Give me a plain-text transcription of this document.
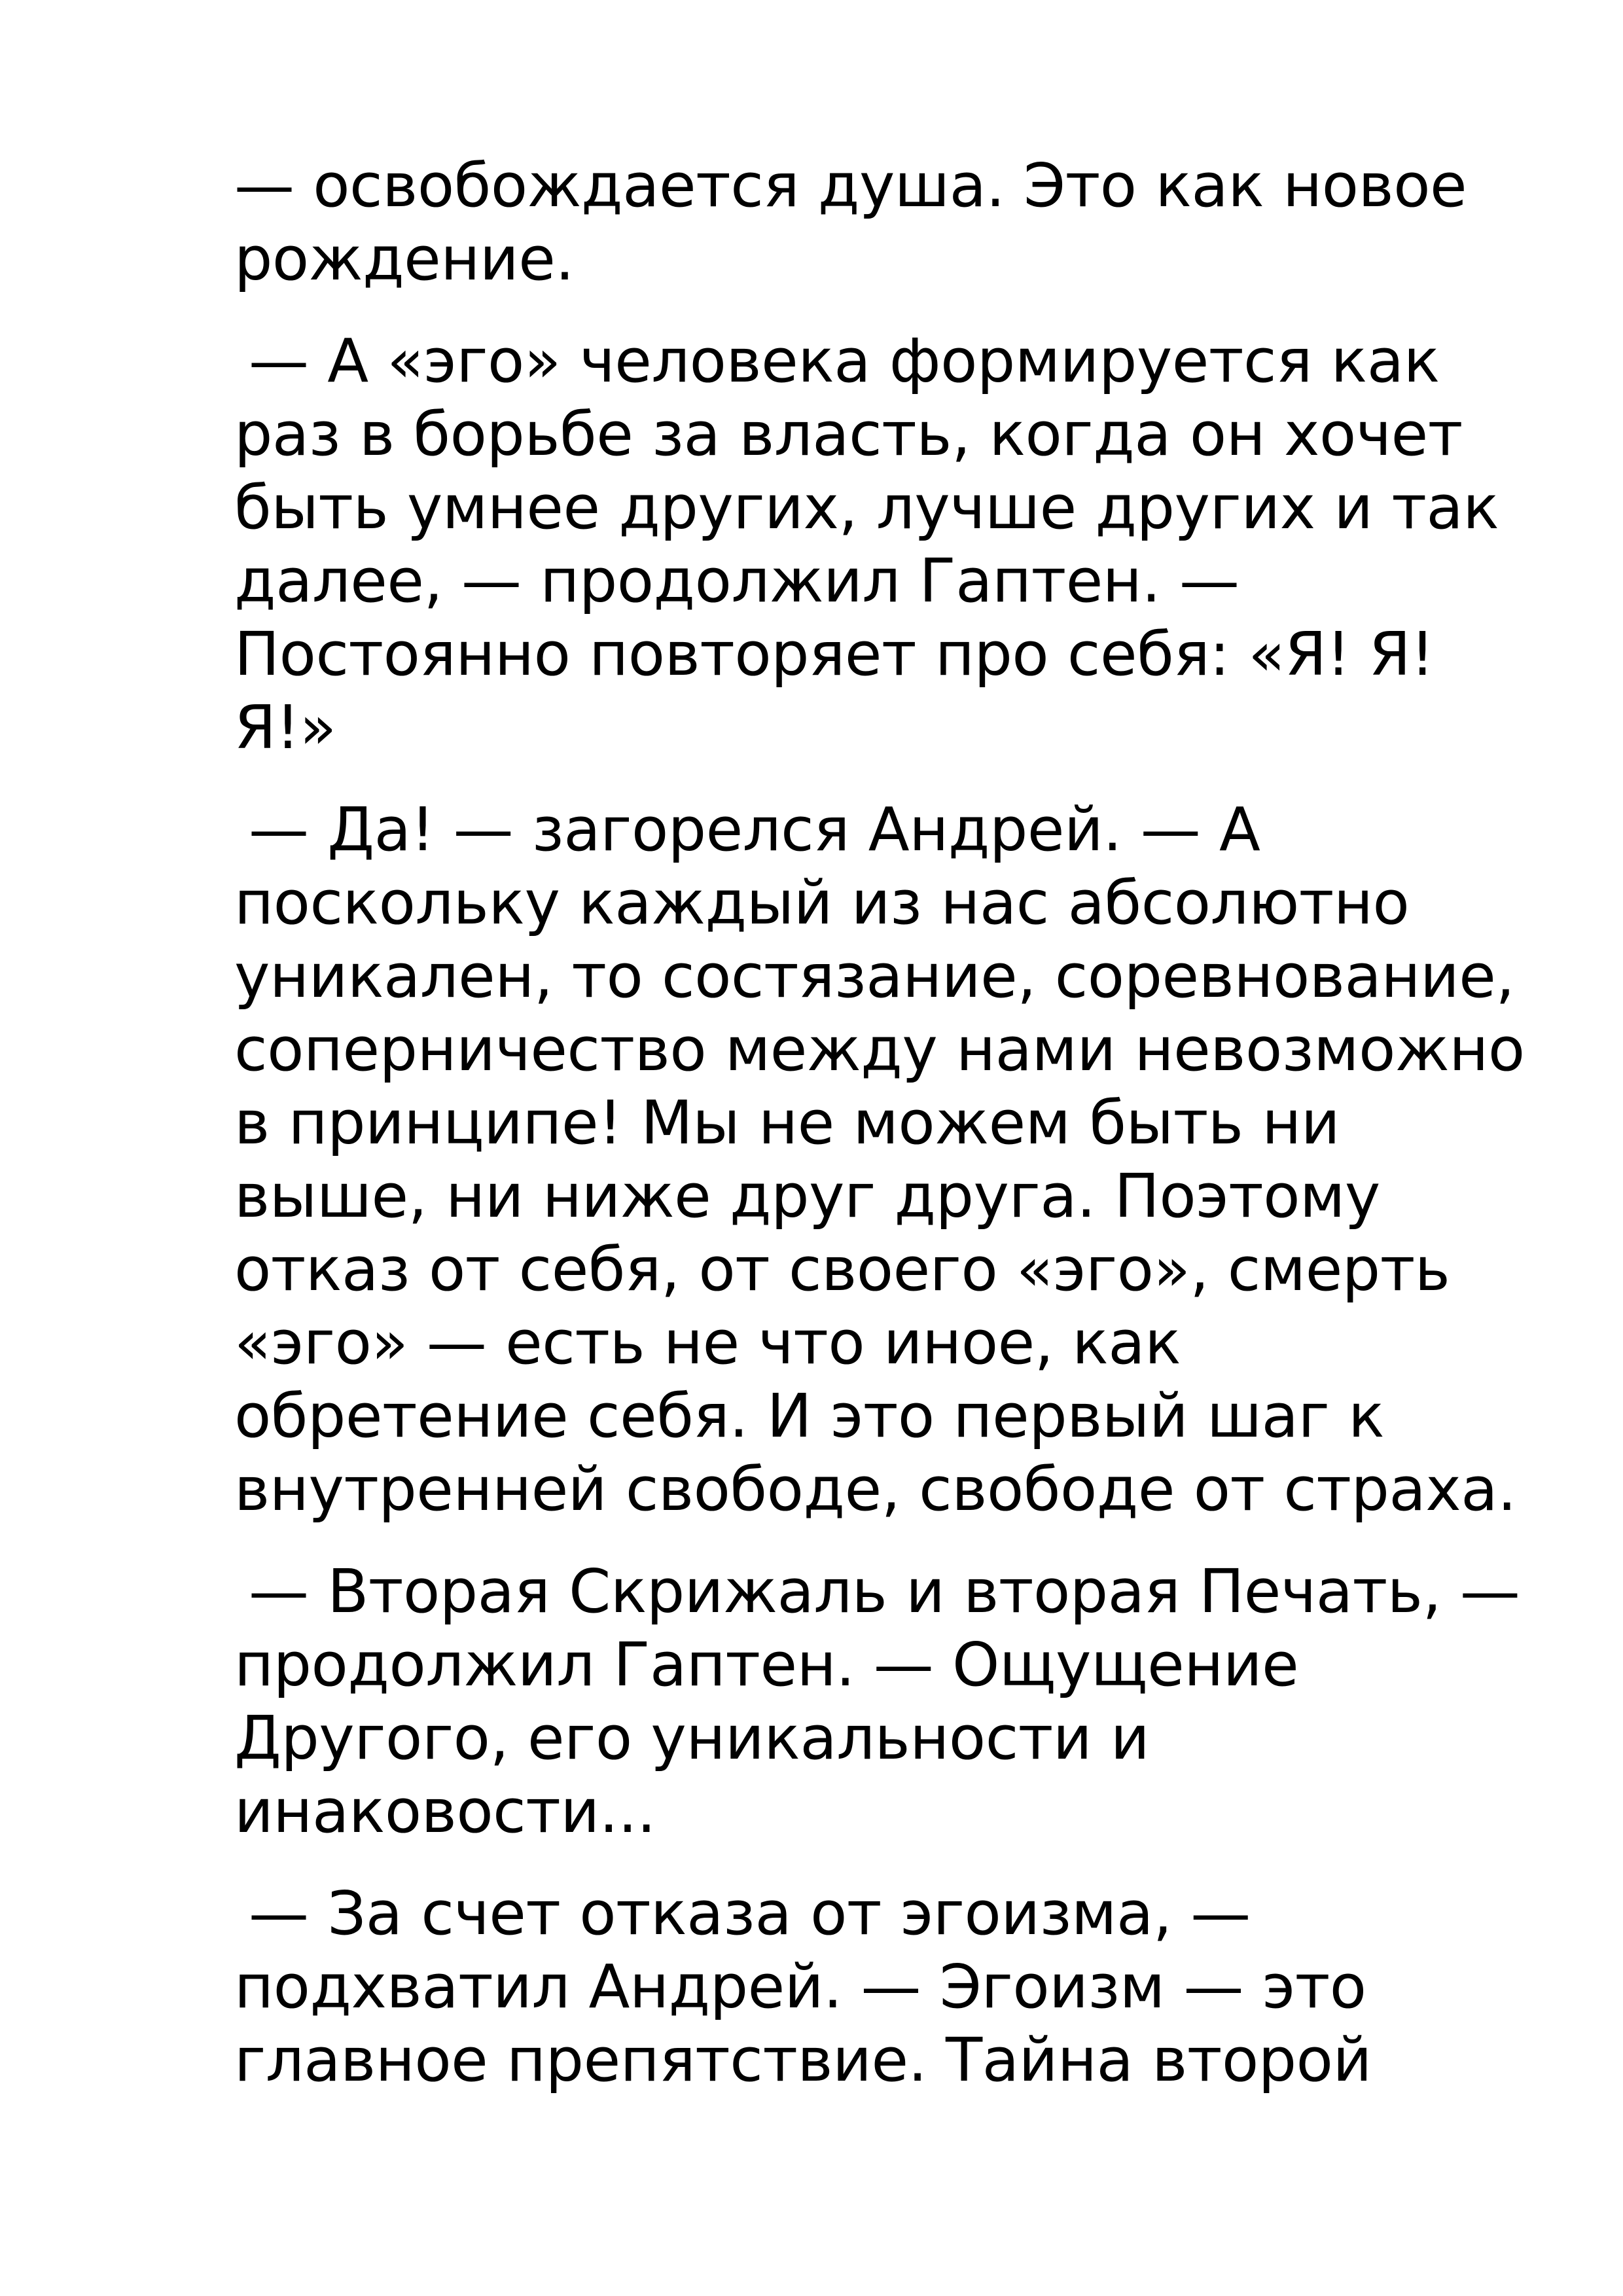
— освобождается душа. Это как новое
рождение.
— А «эго» человека формируется как
раз в борьбе за власть, когда он хочет
быть умнее других, лучше других и так
далее, — продолжил Гаптен. —
Постоянно повторяет про себя: «Я! Я!
Я!»
— Да! — загорелся Андрей. — А
поскольку каждый из нас абсолютно
уникален, то состязание, соревнование,
соперничество между нами невозможно
в принципе! Мы не можем быть ни
выше, ни ниже друг друга. Поэтому
отказ от себя, от своего «эго», смерть
«эго» — есть не что иное, как
обретение себя. И это первый шаг к
внутренней свободе, свободе от страха.
— Вторая Скрижаль и вторая Печать, —
продолжил Гаптен. — Ощущение
Другого, его уникальности и
инаковости...
— За счет отказа от эгоизма, —
подхватил Андрей. — Эгоизм — это
главное препятствие. Тайна второй
